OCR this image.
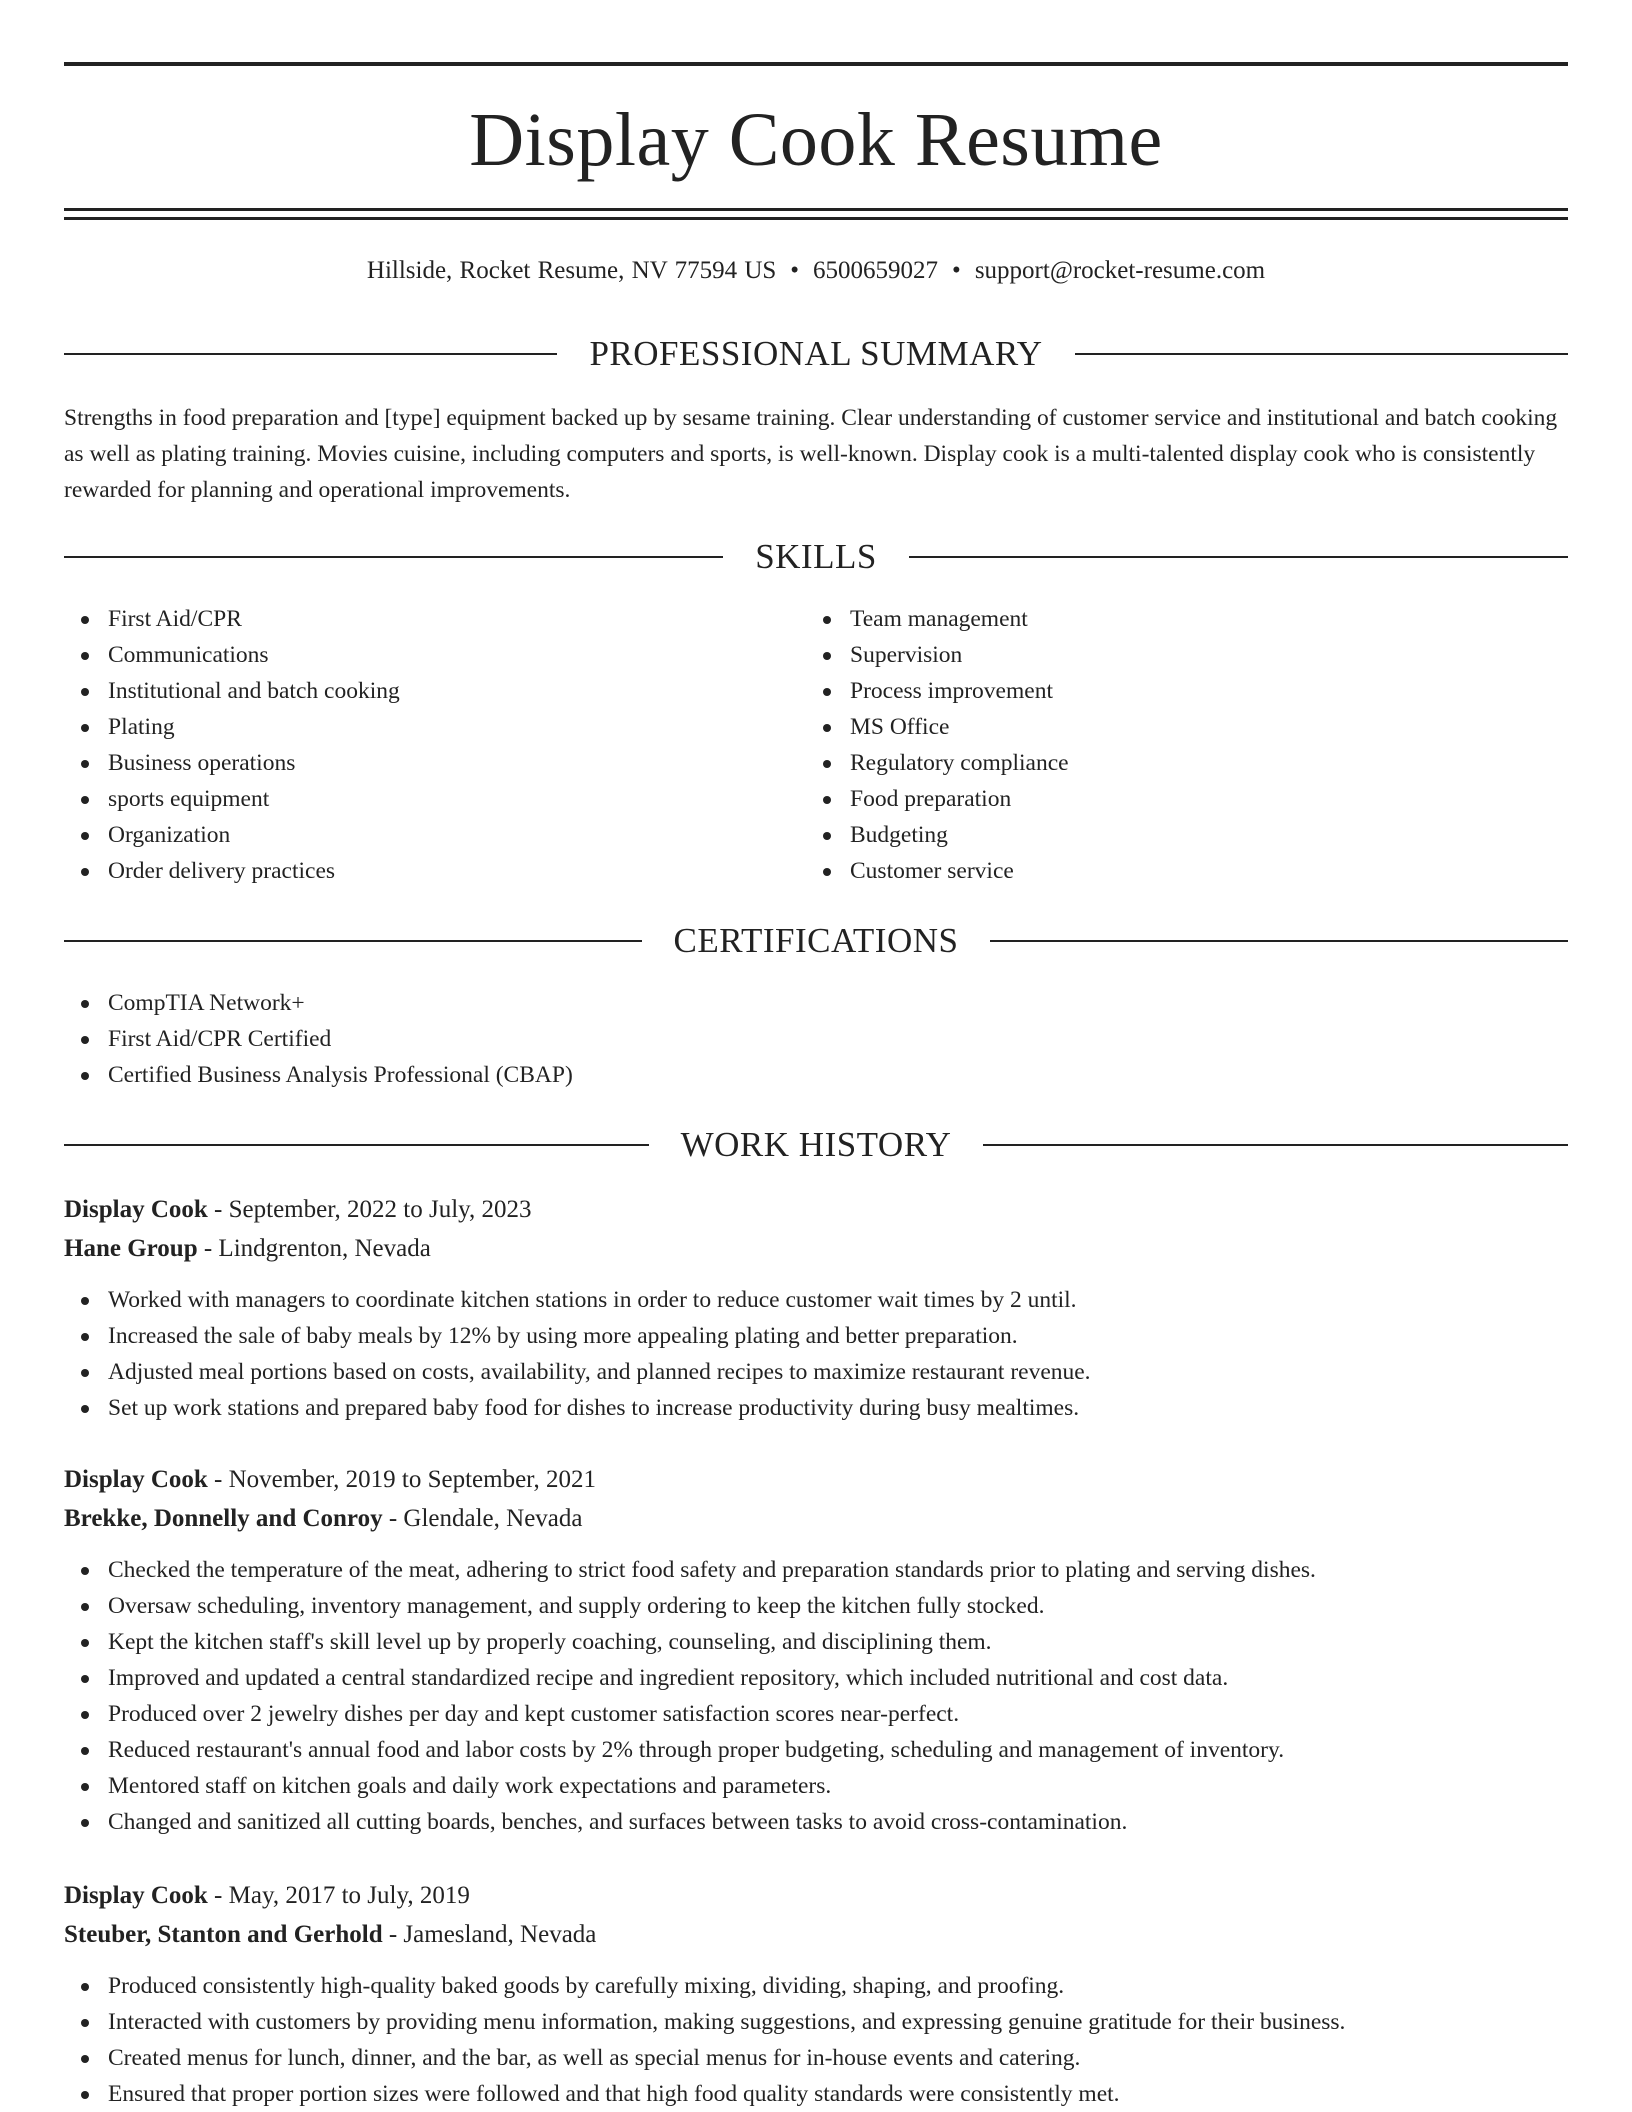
Display Cook Resume
Hillside, Rocket Resume, NV 77594 US • 6500659027 • support@rocket-resume.com
PROFESSIONAL SUMMARY

Strengths in food preparation and [type] equipment backed up by sesame training. Clear understanding of customer service and institutional and batch cooking as well as plating training. Movies cuisine, including computers and sports, is well-known. Display cook is a multi-talented display cook who is consistently rewarded for planning and operational improvements.

SKILLS
First Aid/CPR
Communications
Institutional and batch cooking
Plating
Business operations
sports equipment
Organization
Order delivery practices
Team management
Supervision
Process improvement
MS Office
Regulatory compliance
Food preparation
Budgeting
Customer service
CERTIFICATIONS
CompTIA Network+
First Aid/CPR Certified
Certified Business Analysis Professional (CBAP)
WORK HISTORY

Display Cook - September, 2022 to July, 2023

Hane Group - Lindgrenton, Nevada

Worked with managers to coordinate kitchen stations in order to reduce customer wait times by 2 until.
Increased the sale of baby meals by 12% by using more appealing plating and better preparation.
Adjusted meal portions based on costs, availability, and planned recipes to maximize restaurant revenue.
Set up work stations and prepared baby food for dishes to increase productivity during busy mealtimes.

Display Cook - November, 2019 to September, 2021

Brekke, Donnelly and Conroy - Glendale, Nevada

Checked the temperature of the meat, adhering to strict food safety and preparation standards prior to plating and serving dishes.
Oversaw scheduling, inventory management, and supply ordering to keep the kitchen fully stocked.
Kept the kitchen staff's skill level up by properly coaching, counseling, and disciplining them.
Improved and updated a central standardized recipe and ingredient repository, which included nutritional and cost data.
Produced over 2 jewelry dishes per day and kept customer satisfaction scores near-perfect.
Reduced restaurant's annual food and labor costs by 2% through proper budgeting, scheduling and management of inventory.
Mentored staff on kitchen goals and daily work expectations and parameters.
Changed and sanitized all cutting boards, benches, and surfaces between tasks to avoid cross-contamination.

Display Cook - May, 2017 to July, 2019

Steuber, Stanton and Gerhold - Jamesland, Nevada

Produced consistently high-quality baked goods by carefully mixing, dividing, shaping, and proofing.
Interacted with customers by providing menu information, making suggestions, and expressing genuine gratitude for their business.
Created menus for lunch, dinner, and the bar, as well as special menus for in-house events and catering.
Ensured that proper portion sizes were followed and that high food quality standards were consistently met.
